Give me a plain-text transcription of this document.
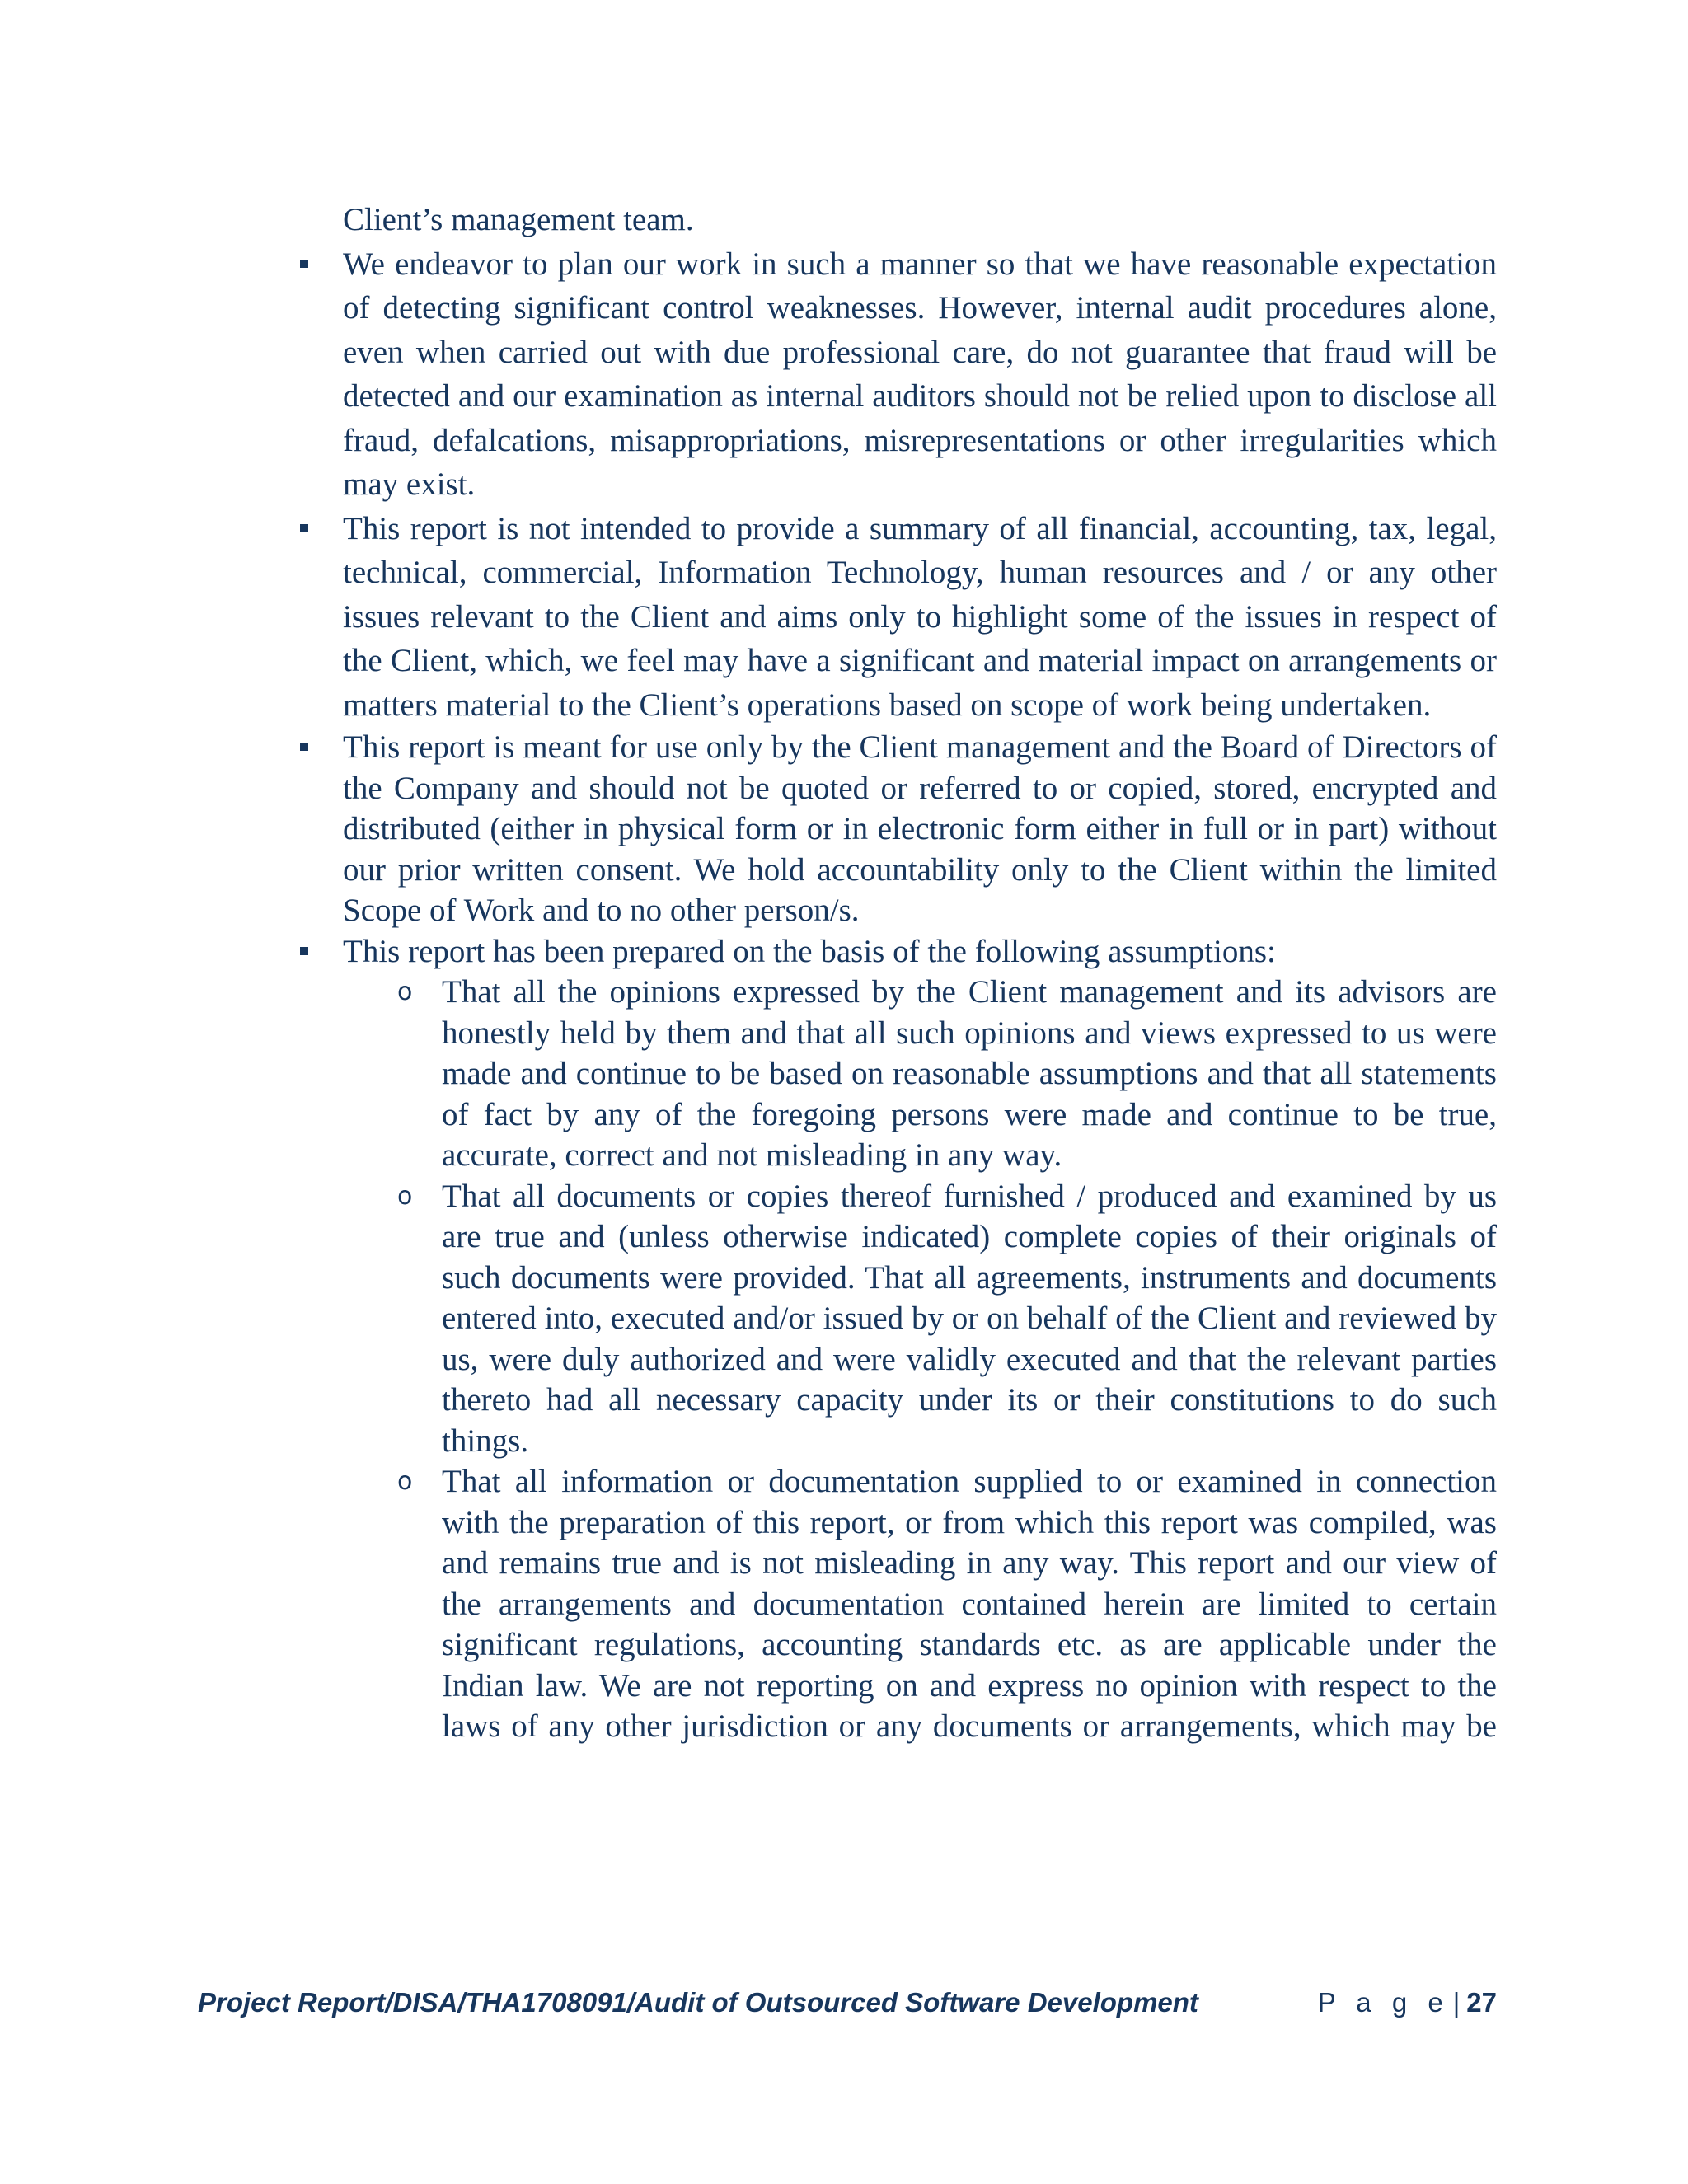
Client’s management team.

We endeavor to plan our work in such a manner so that we have reasonable expectation of detecting significant control weaknesses. However, internal audit procedures alone, even when carried out with due professional care, do not guarantee that fraud will be detected and our examination as internal auditors should not be relied upon to disclose all fraud, defalcations, misappropriations, misrepresentations or other irregularities which may exist.

This report is not intended to provide a summary of all financial, accounting, tax, legal, technical, commercial, Information Technology, human resources and / or any other issues relevant to the Client and aims only to highlight some of the issues in respect of the Client, which, we feel may have a significant and material impact on arrangements or matters material to the Client’s operations based on scope of work being undertaken.

This report is meant for use only by the Client management and the Board of Directors of the Company and should not be quoted or referred to or copied, stored, encrypted and distributed (either in physical form or in electronic form either in full or in part) without our prior written consent. We hold accountability only to the Client within the limited Scope of Work and to no other person/s.

This report has been prepared on the basis of the following assumptions:

o That all the opinions expressed by the Client management and its advisors are honestly held by them and that all such opinions and views expressed to us were made and continue to be based on reasonable assumptions and that all statements of fact by any of the foregoing persons were made and continue to be true, accurate, correct and not misleading in any way.

o That all documents or copies thereof furnished / produced and examined by us are true and (unless otherwise indicated) complete copies of their originals of such documents were provided. That all agreements, instruments and documents entered into, executed and/or issued by or on behalf of the Client and reviewed by us, were duly authorized and were validly executed and that the relevant parties thereto had all necessary capacity under its or their constitutions to do such things.

o That all information or documentation supplied to or examined in connection with the preparation of this report, or from which this report was compiled, was and remains true and is not misleading in any way. This report and our view of the arrangements and documentation contained herein are limited to certain significant regulations, accounting standards etc. as are applicable under the Indian law. We are not reporting on and express no opinion with respect to the laws of any other jurisdiction or any documents or arrangements, which may be

Project Report/DISA/THA1708091/Audit of Outsourced Software Development	P a g e | 27
